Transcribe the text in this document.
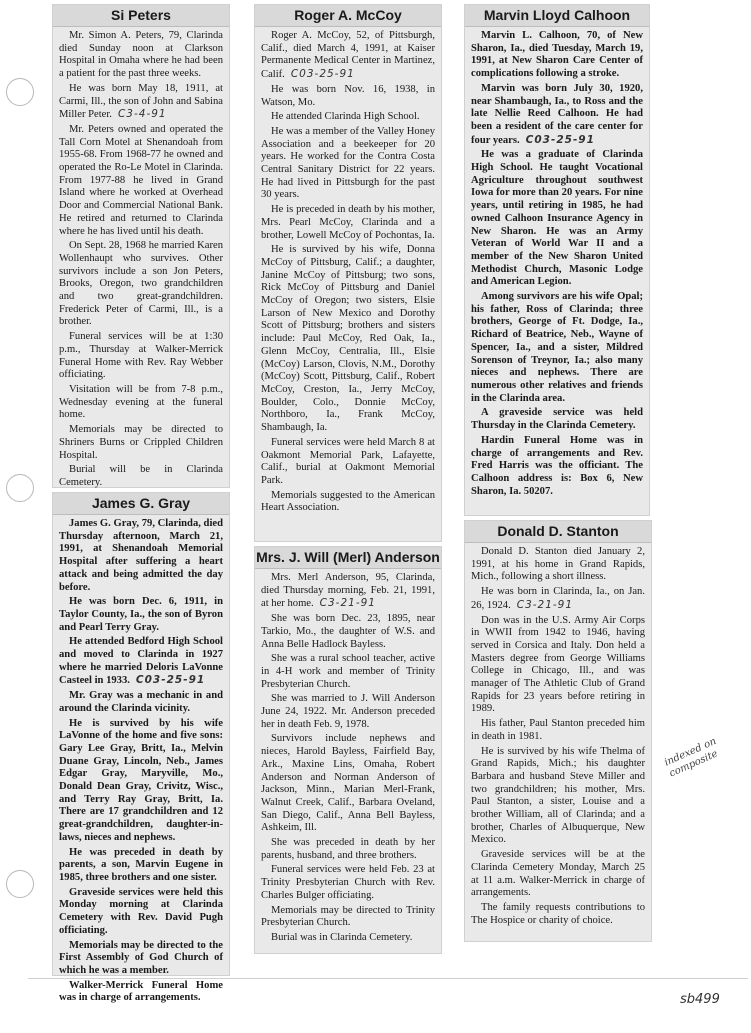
Si Peters

Mr. Simon A. Peters, 79, Clarinda died Sunday noon at Clarkson Hospital in Omaha where he had been a patient for the past three weeks.

He was born May 18, 1911, at Carmi, Ill., the son of John and Sabina Miller Peter. C3-4-91

Mr. Peters owned and operated the Tall Corn Motel at Shenandoah from 1955-68. From 1968-77 he owned and operated the Ro-Le Motel in Clarinda. From 1977-88 he lived in Grand Island where he worked at Overhead Door and Commercial National Bank. He retired and returned to Clarinda where he has lived until his death.

On Sept. 28, 1968 he married Karen Wollenhaupt who survives. Other survivors include a son Jon Peters, Brooks, Oregon, two grandchildren and two great-grandchildren. Frederick Peter of Carmi, Ill., is a brother.

Funeral services will be at 1:30 p.m., Thursday at Walker-Merrick Funeral Home with Rev. Ray Webber officiating.

Visitation will be from 7-8 p.m., Wednesday evening at the funeral home.

Memorials may be directed to Shriners Burns or Crippled Children Hospital.

Burial will be in Clarinda Cemetery.

James G. Gray

James G. Gray, 79, Clarinda, died Thursday afternoon, March 21, 1991, at Shenandoah Memorial Hospital after suffering a heart attack and being admitted the day before.

He was born Dec. 6, 1911, in Taylor County, Ia., the son of Byron and Pearl Terry Gray.

He attended Bedford High School and moved to Clarinda in 1927 where he married Deloris LaVonne Casteel in 1933. C03-25-91

Mr. Gray was a mechanic in and around the Clarinda vicinity.

He is survived by his wife LaVonne of the home and five sons: Gary Lee Gray, Britt, Ia., Melvin Duane Gray, Lincoln, Neb., James Edgar Gray, Maryville, Mo., Donald Dean Gray, Crivitz, Wisc., and Terry Ray Gray, Britt, Ia. There are 17 grandchildren and 12 great-grandchildren, daughter-in-laws, nieces and nephews.

He was preceded in death by parents, a son, Marvin Eugene in 1985, three brothers and one sister.

Graveside services were held this Monday morning at Clarinda Cemetery with Rev. David Pugh officiating.

Memorials may be directed to the First Assembly of God Church of which he was a member.

Walker-Merrick Funeral Home was in charge of arrangements.

Roger A. McCoy

Roger A. McCoy, 52, of Pittsburgh, Calif., died March 4, 1991, at Kaiser Permanente Medical Center in Martinez, Calif. C03-25-91

He was born Nov. 16, 1938, in Watson, Mo.

He attended Clarinda High School.

He was a member of the Valley Honey Association and a beekeeper for 20 years. He worked for the Contra Costa Central Sanitary District for 22 years. He had lived in Pittsburgh for the past 30 years.

He is preceded in death by his mother, Mrs. Pearl McCoy, Clarinda and a brother, Lowell McCoy of Pochontas, Ia.

He is survived by his wife, Donna McCoy of Pittsburg, Calif.; a daughter, Janine McCoy of Pittsburg; two sons, Rick McCoy of Pittsburg and Daniel McCoy of Oregon; two sisters, Elsie Larson of New Mexico and Dorothy Scott of Pittsburg; brothers and sisters include: Paul McCoy, Red Oak, Ia., Glenn McCoy, Centralia, Ill., Elsie (McCoy) Larson, Clovis, N.M., Dorothy (McCoy) Scott, Pittsburg, Calif., Robert McCoy, Creston, Ia., Jerry McCoy, Boulder, Colo., Donnie McCoy, Northboro, Ia., Frank McCoy, Shambaugh, Ia.

Funeral services were held March 8 at Oakmont Memorial Park, Lafayette, Calif., burial at Oakmont Memorial Park.

Memorials suggested to the American Heart Association.

Mrs. J. Will (Merl) Anderson

Mrs. Merl Anderson, 95, Clarinda, died Thursday morning, Feb. 21, 1991, at her home. C3-21-91

She was born Dec. 23, 1895, near Tarkio, Mo., the daughter of W.S. and Anna Belle Hadlock Bayless.

She was a rural school teacher, active in 4-H work and member of Trinity Presbyterian Church.

She was married to J. Will Anderson June 24, 1922. Mr. Anderson preceded her in death Feb. 9, 1978.

Survivors include nephews and nieces, Harold Bayless, Fairfield Bay, Ark., Maxine Lins, Omaha, Robert Anderson and Norman Anderson of Jackson, Minn., Marian Merl-Frank, Walnut Creek, Calif., Barbara Oveland, San Diego, Calif., Anna Bell Bayless, Ashkeim, Ill.

She was preceded in death by her parents, husband, and three brothers.

Funeral services were held Feb. 23 at Trinity Presbyterian Church with Rev. Charles Bulger officiating.

Memorials may be directed to Trinity Presbyterian Church.

Burial was in Clarinda Cemetery.

Marvin Lloyd Calhoon

Marvin L. Calhoon, 70, of New Sharon, Ia., died Tuesday, March 19, 1991, at New Sharon Care Center of complications following a stroke.

Marvin was born July 30, 1920, near Shambaugh, Ia., to Ross and the late Nellie Reed Calhoon. He had been a resident of the care center for four years. C03-25-91

He was a graduate of Clarinda High School. He taught Vocational Agriculture throughout southwest Iowa for more than 20 years. For nine years, until retiring in 1985, he had owned Calhoon Insurance Agency in New Sharon. He was an Army Veteran of World War II and a member of the New Sharon United Methodist Church, Masonic Lodge and American Legion.

Among survivors are his wife Opal; his father, Ross of Clarinda; three brothers, George of Ft. Dodge, Ia., Richard of Beatrice, Neb., Wayne of Spencer, Ia., and a sister, Mildred Sorenson of Treynor, Ia.; also many nieces and nephews. There are numerous other relatives and friends in the Clarinda area.

A graveside service was held Thursday in the Clarinda Cemetery.

Hardin Funeral Home was in charge of arrangements and Rev. Fred Harris was the officiant. The Calhoon address is: Box 6, New Sharon, Ia. 50207.

Donald D. Stanton

Donald D. Stanton died January 2, 1991, at his home in Grand Rapids, Mich., following a short illness.

He was born in Clarinda, Ia., on Jan. 26, 1924. C3-21-91

Don was in the U.S. Army Air Corps in WWII from 1942 to 1946, having served in Corsica and Italy. Don held a Masters degree from George Williams College in Chicago, Ill., and was manager of The Athletic Club of Grand Rapids for 23 years before retiring in 1989.

His father, Paul Stanton preceded him in death in 1981.

He is survived by his wife Thelma of Grand Rapids, Mich.; his daughter Barbara and husband Steve Miller and two grandchildren; his mother, Mrs. Paul Stanton, a sister, Louise and a brother William, all of Clarinda; and a brother, Charles of Albuquerque, New Mexico.

Graveside services will be at the Clarinda Cemetery Monday, March 25 at 11 a.m. Walker-Merrick in charge of arrangements.

The family requests contributions to The Hospice or charity of choice.

indexed on composite
sb499
